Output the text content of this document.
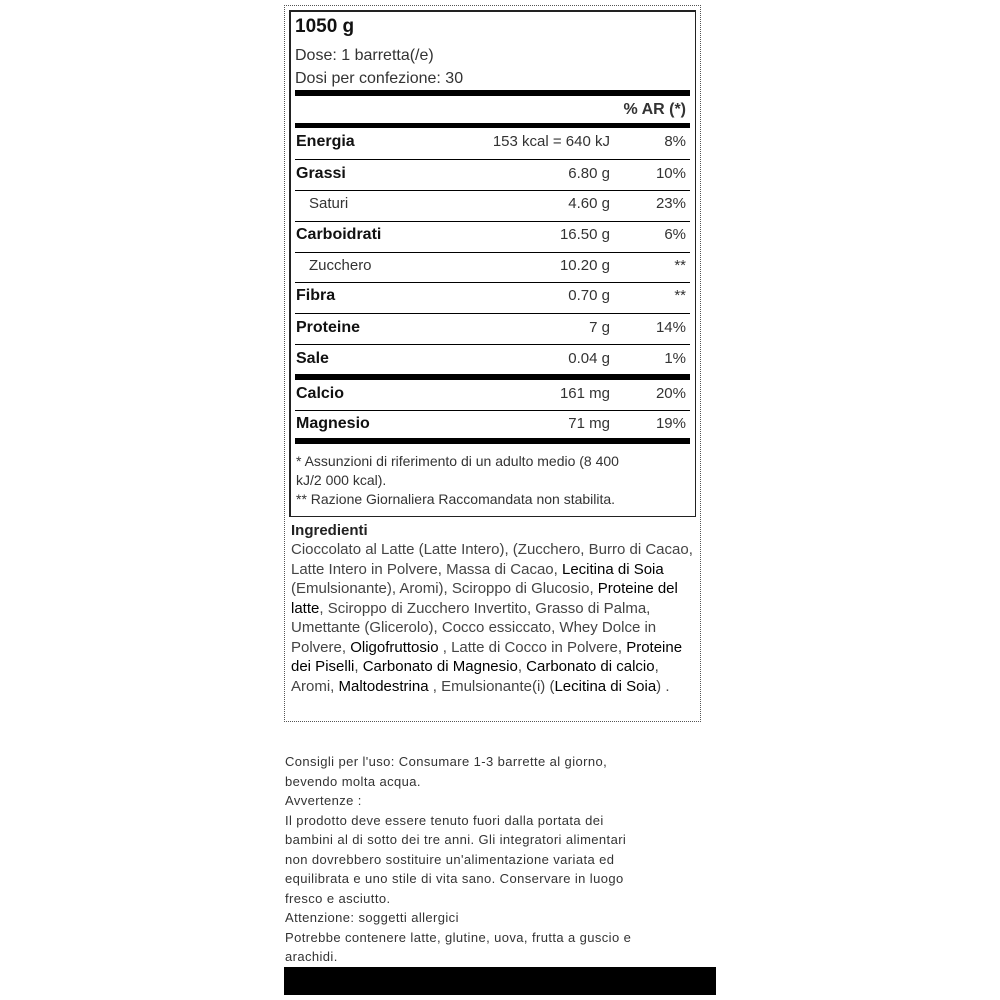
1050 g
Dose: 1 barretta(/e)
Dosi per confezione: 30
% AR (*)
Energia	153 kcal = 640 kJ	8%
Grassi	6.80 g	10%
Saturi	4.60 g	23%
Carboidrati	16.50 g	6%
Zucchero	10.20 g	**
Fibra	0.70 g	**
Proteine	7 g	14%
Sale	0.04 g	1%
Calcio	161 mg	20%
Magnesio	71 mg	19%
* Assunzioni di riferimento di un adulto medio (8 400
kJ/2 000 kcal).
** Razione Giornaliera Raccomandata non stabilita.
Ingredienti
Cioccolato al Latte (Latte Intero), (Zucchero, Burro di Cacao, Latte Intero in Polvere, Massa di Cacao, Lecitina di Soia (Emulsionante), Aromi), Sciroppo di Glucosio, Proteine del latte, Sciroppo di Zucchero Invertito, Grasso di Palma, Umettante (Glicerolo), Cocco essiccato, Whey Dolce in Polvere, Oligofruttosio , Latte di Cocco in Polvere, Proteine dei Piselli, Carbonato di Magnesio, Carbonato di calcio, Aromi, Maltodestrina , Emulsionante(i) (Lecitina di Soia) .
Consigli per l'uso: Consumare 1-3 barrette al giorno,
bevendo molta acqua.
Avvertenze :
Il prodotto deve essere tenuto fuori dalla portata dei
bambini al di sotto dei tre anni. Gli integratori alimentari
non dovrebbero sostituire un'alimentazione variata ed
equilibrata e uno stile di vita sano. Conservare in luogo
fresco e asciutto.
Attenzione: soggetti allergici
Potrebbe contenere latte, glutine, uova, frutta a guscio e
arachidi.
